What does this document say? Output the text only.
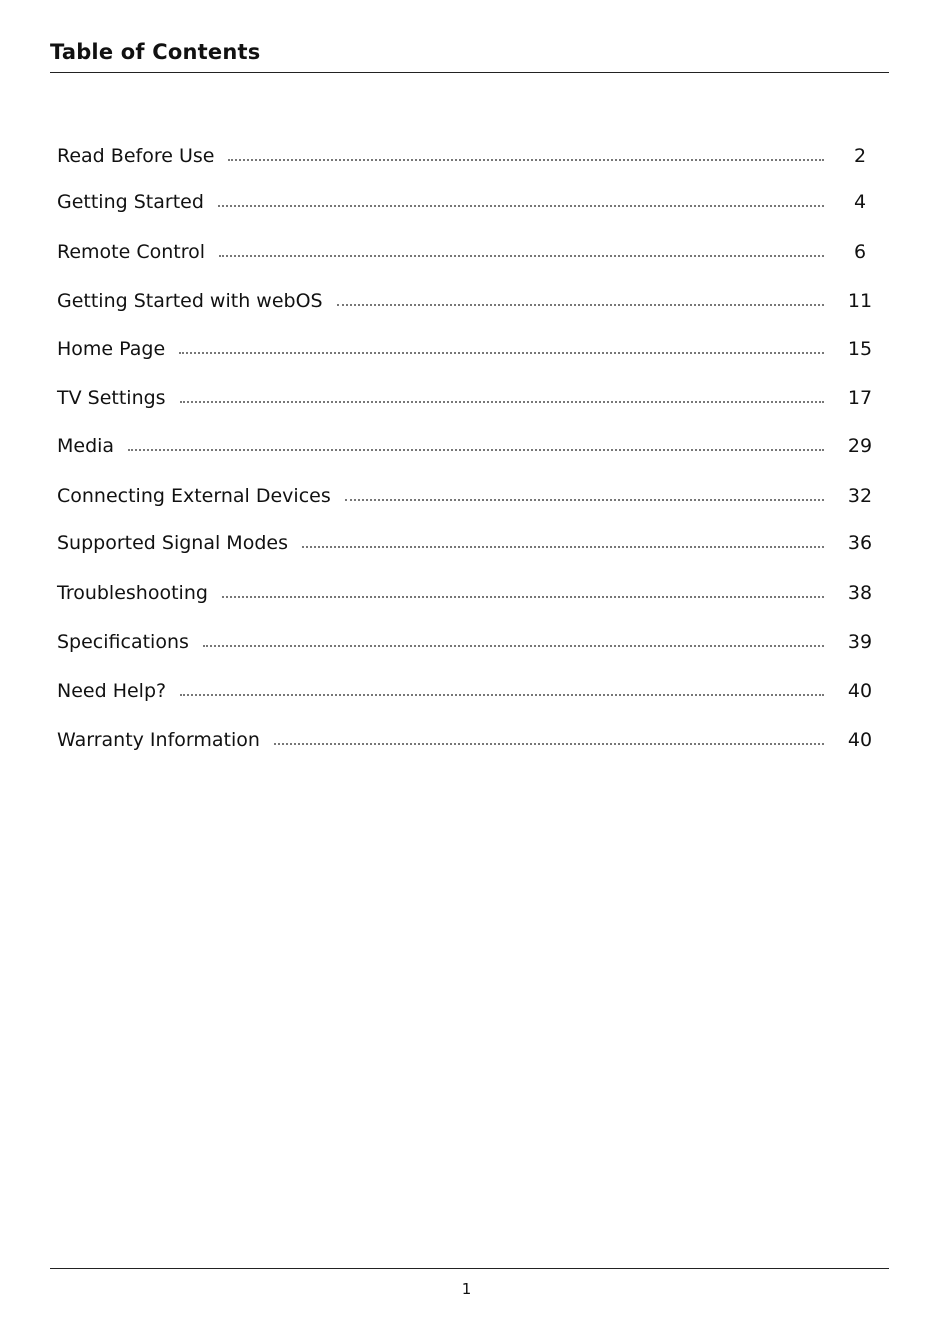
Table of Contents
Read Before Use	2
Getting Started	4
Remote Control	6
Getting Started with webOS	11
Home Page	15
TV Settings	17
Media	29
Connecting External Devices	32
Supported Signal Modes	36
Troubleshooting	38
Specifications	39
Need Help?	40
Warranty Information	40
1
